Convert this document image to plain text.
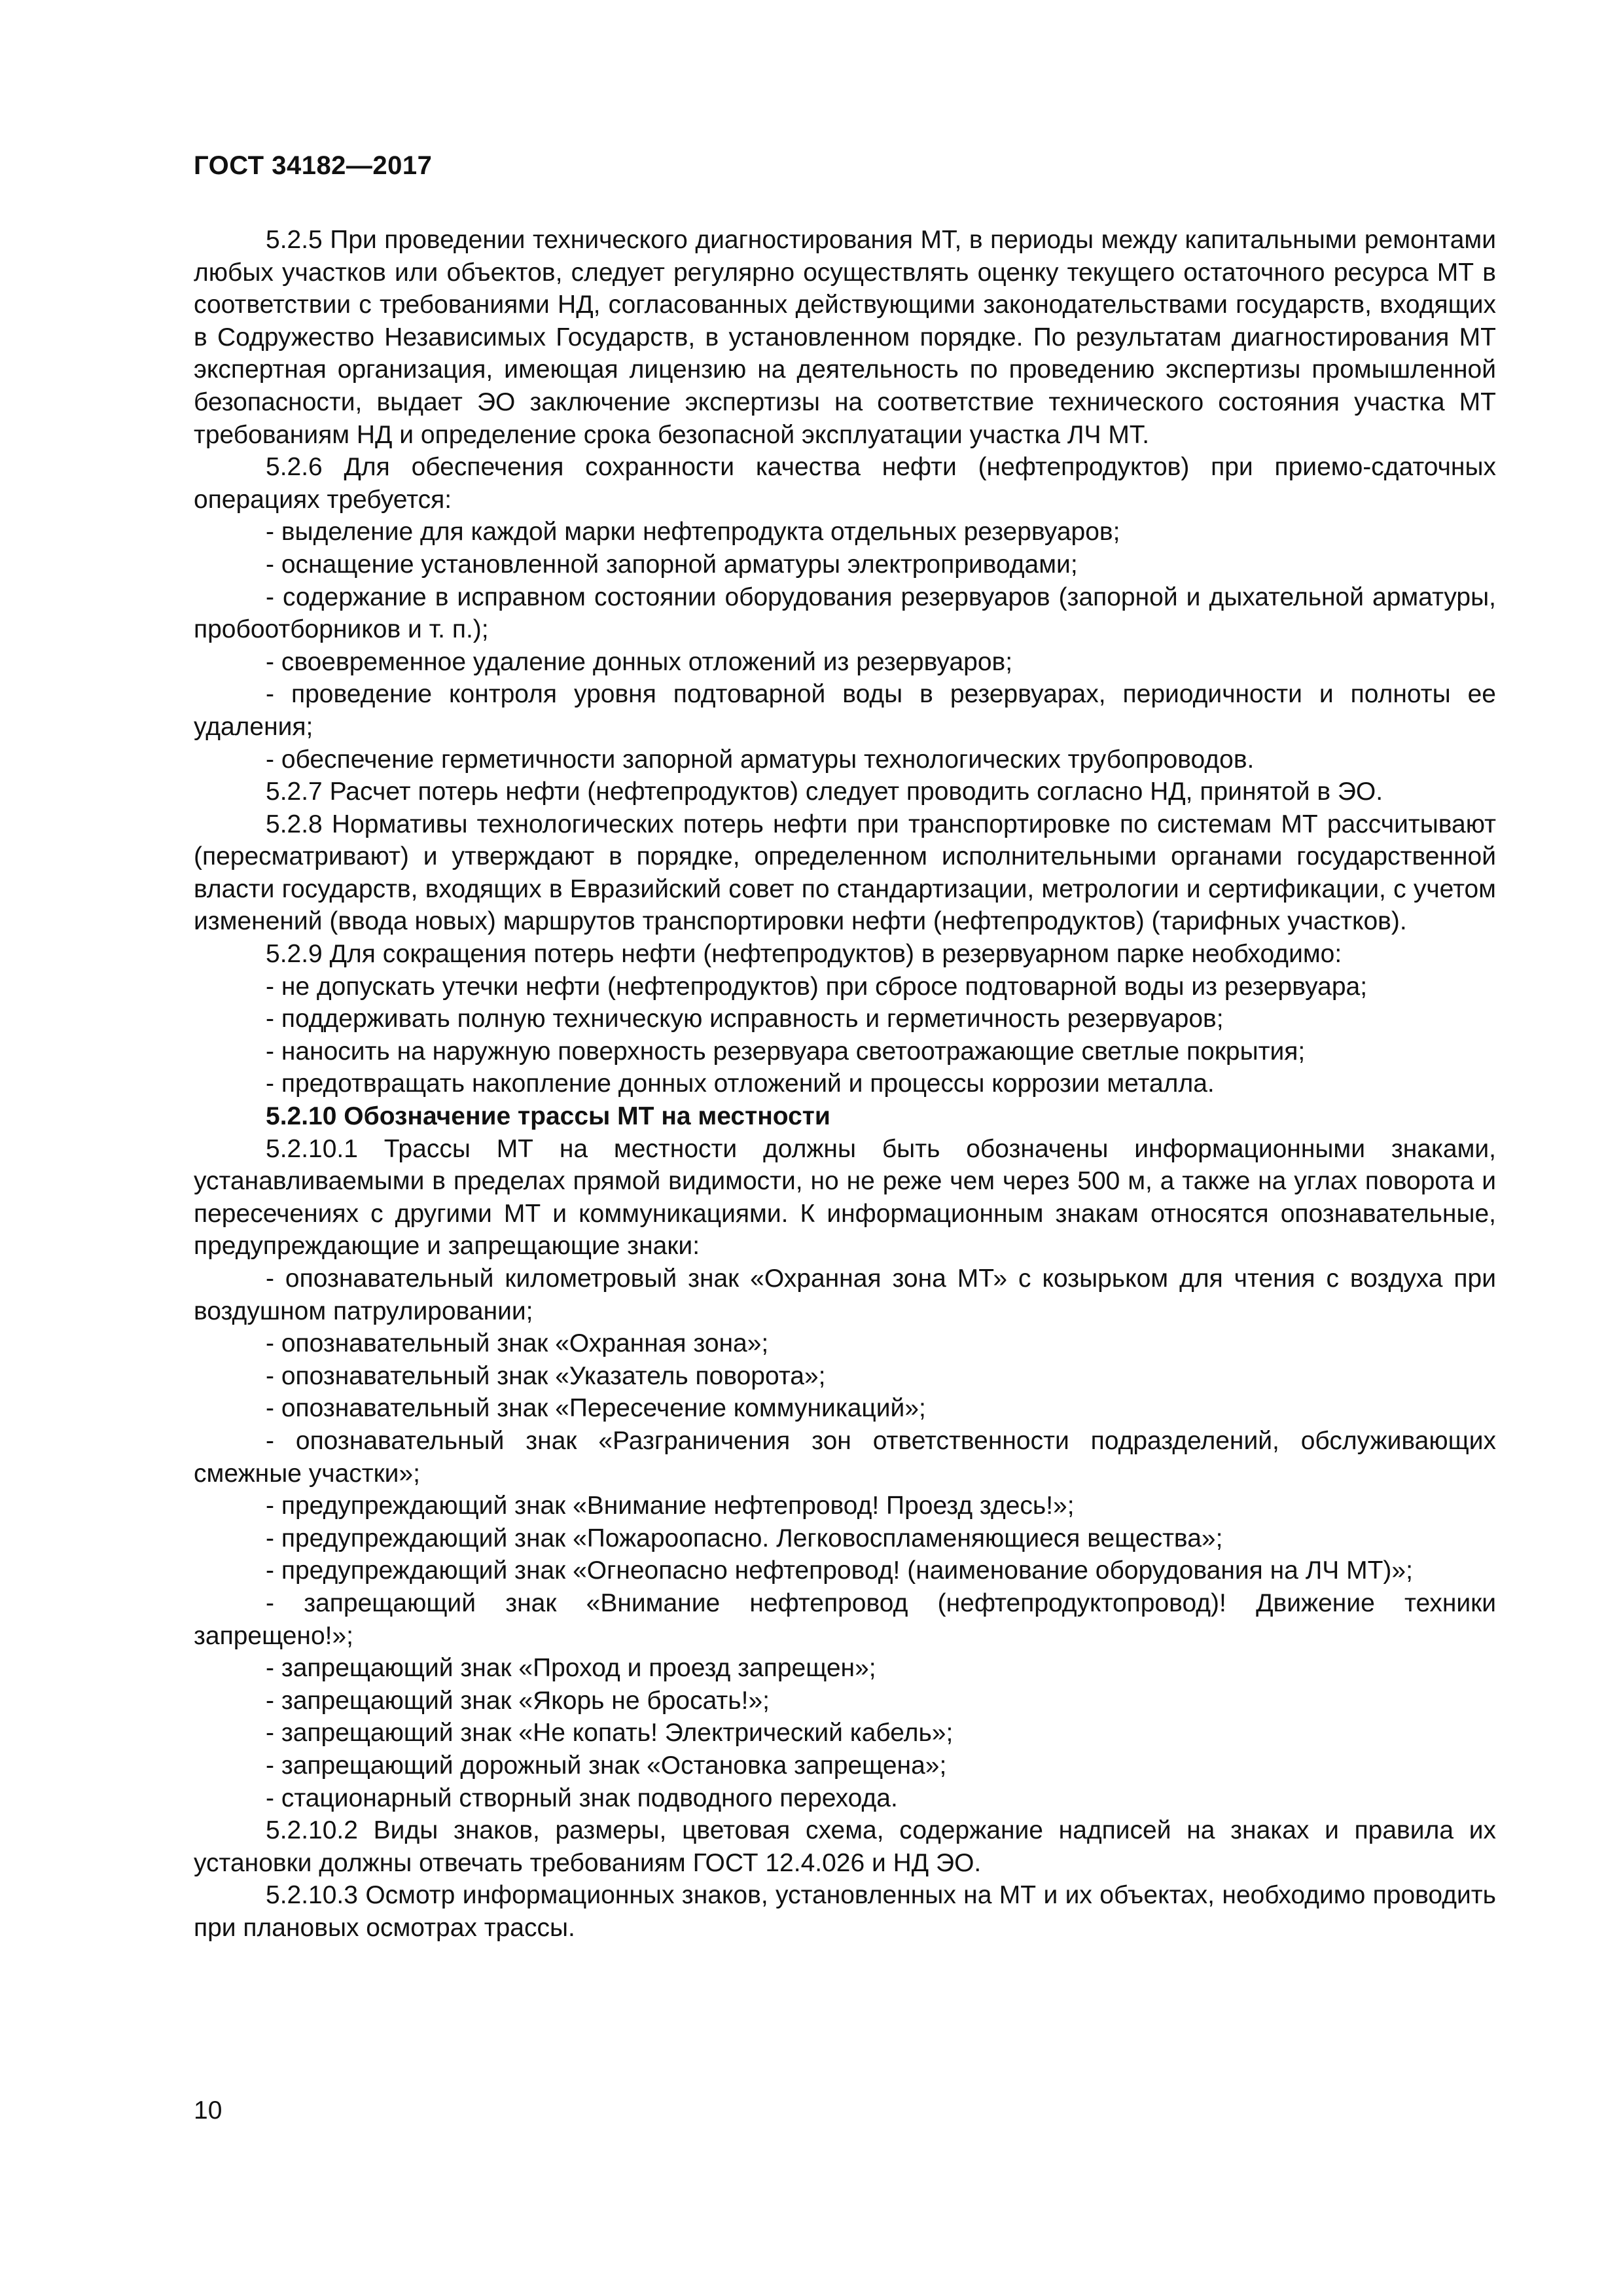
ГОСТ 34182—2017

5.2.5 При проведении технического диагностирования МТ, в периоды между капитальными ремонтами любых участков или объектов, следует регулярно осуществлять оценку текущего остаточного ресурса МТ в соответствии с требованиями НД, согласованных действующими законодательствами государств, входящих в Содружество Независимых Государств, в установленном порядке. По результатам диагностирования МТ экспертная организация, имеющая лицензию на деятельность по проведению экспертизы промышленной безопасности, выдает ЭО заключение экспертизы на соответствие технического состояния участка МТ требованиям НД и определение срока безопасной эксплуатации участка ЛЧ МТ.

5.2.6 Для обеспечения сохранности качества нефти (нефтепродуктов) при приемо-сдаточных операциях требуется:

- выделение для каждой марки нефтепродукта отдельных резервуаров;

- оснащение установленной запорной арматуры электроприводами;

- содержание в исправном состоянии оборудования резервуаров (запорной и дыхательной арматуры, пробоотборников и т. п.);

- своевременное удаление донных отложений из резервуаров;

- проведение контроля уровня подтоварной воды в резервуарах, периодичности и полноты ее удаления;

- обеспечение герметичности запорной арматуры технологических трубопроводов.

5.2.7 Расчет потерь нефти (нефтепродуктов) следует проводить согласно НД, принятой в ЭО.

5.2.8 Нормативы технологических потерь нефти при транспортировке по системам МТ рассчитывают (пересматривают) и утверждают в порядке, определенном исполнительными органами государственной власти государств, входящих в Евразийский совет по стандартизации, метрологии и сертификации, с учетом изменений (ввода новых) маршрутов транспортировки нефти (нефтепродуктов) (тарифных участков).

5.2.9 Для сокращения потерь нефти (нефтепродуктов) в резервуарном парке необходимо:

- не допускать утечки нефти (нефтепродуктов) при сбросе подтоварной воды из резервуара;

- поддерживать полную техническую исправность и герметичность резервуаров;

- наносить на наружную поверхность резервуара светоотражающие светлые покрытия;

- предотвращать накопление донных отложений и процессы коррозии металла.

5.2.10 Обозначение трассы МТ на местности

5.2.10.1 Трассы МТ на местности должны быть обозначены информационными знаками, устанавливаемыми в пределах прямой видимости, но не реже чем через 500 м, а также на углах поворота и пересечениях с другими МТ и коммуникациями. К информационным знакам относятся опознавательные, предупреждающие и запрещающие знаки:

- опознавательный километровый знак «Охранная зона МТ» с козырьком для чтения с воздуха при воздушном патрулировании;

- опознавательный знак «Охранная зона»;

- опознавательный знак «Указатель поворота»;

- опознавательный знак «Пересечение коммуникаций»;

- опознавательный знак «Разграничения зон ответственности подразделений, обслуживающих смежные участки»;

- предупреждающий знак «Внимание нефтепровод! Проезд здесь!»;

- предупреждающий знак «Пожароопасно. Легковоспламеняющиеся вещества»;

- предупреждающий знак «Огнеопасно нефтепровод! (наименование оборудования на ЛЧ МТ)»;

- запрещающий знак «Внимание нефтепровод (нефтепродуктопровод)! Движение техники запрещено!»;

- запрещающий знак «Проход и проезд запрещен»;

- запрещающий знак «Якорь не бросать!»;

- запрещающий знак «Не копать! Электрический кабель»;

- запрещающий дорожный знак «Остановка запрещена»;

- стационарный створный знак подводного перехода.

5.2.10.2 Виды знаков, размеры, цветовая схема, содержание надписей на знаках и правила их установки должны отвечать требованиям ГОСТ 12.4.026 и НД ЭО.

5.2.10.3 Осмотр информационных знаков, установленных на МТ и их объектах, необходимо проводить при плановых осмотрах трассы.

10
